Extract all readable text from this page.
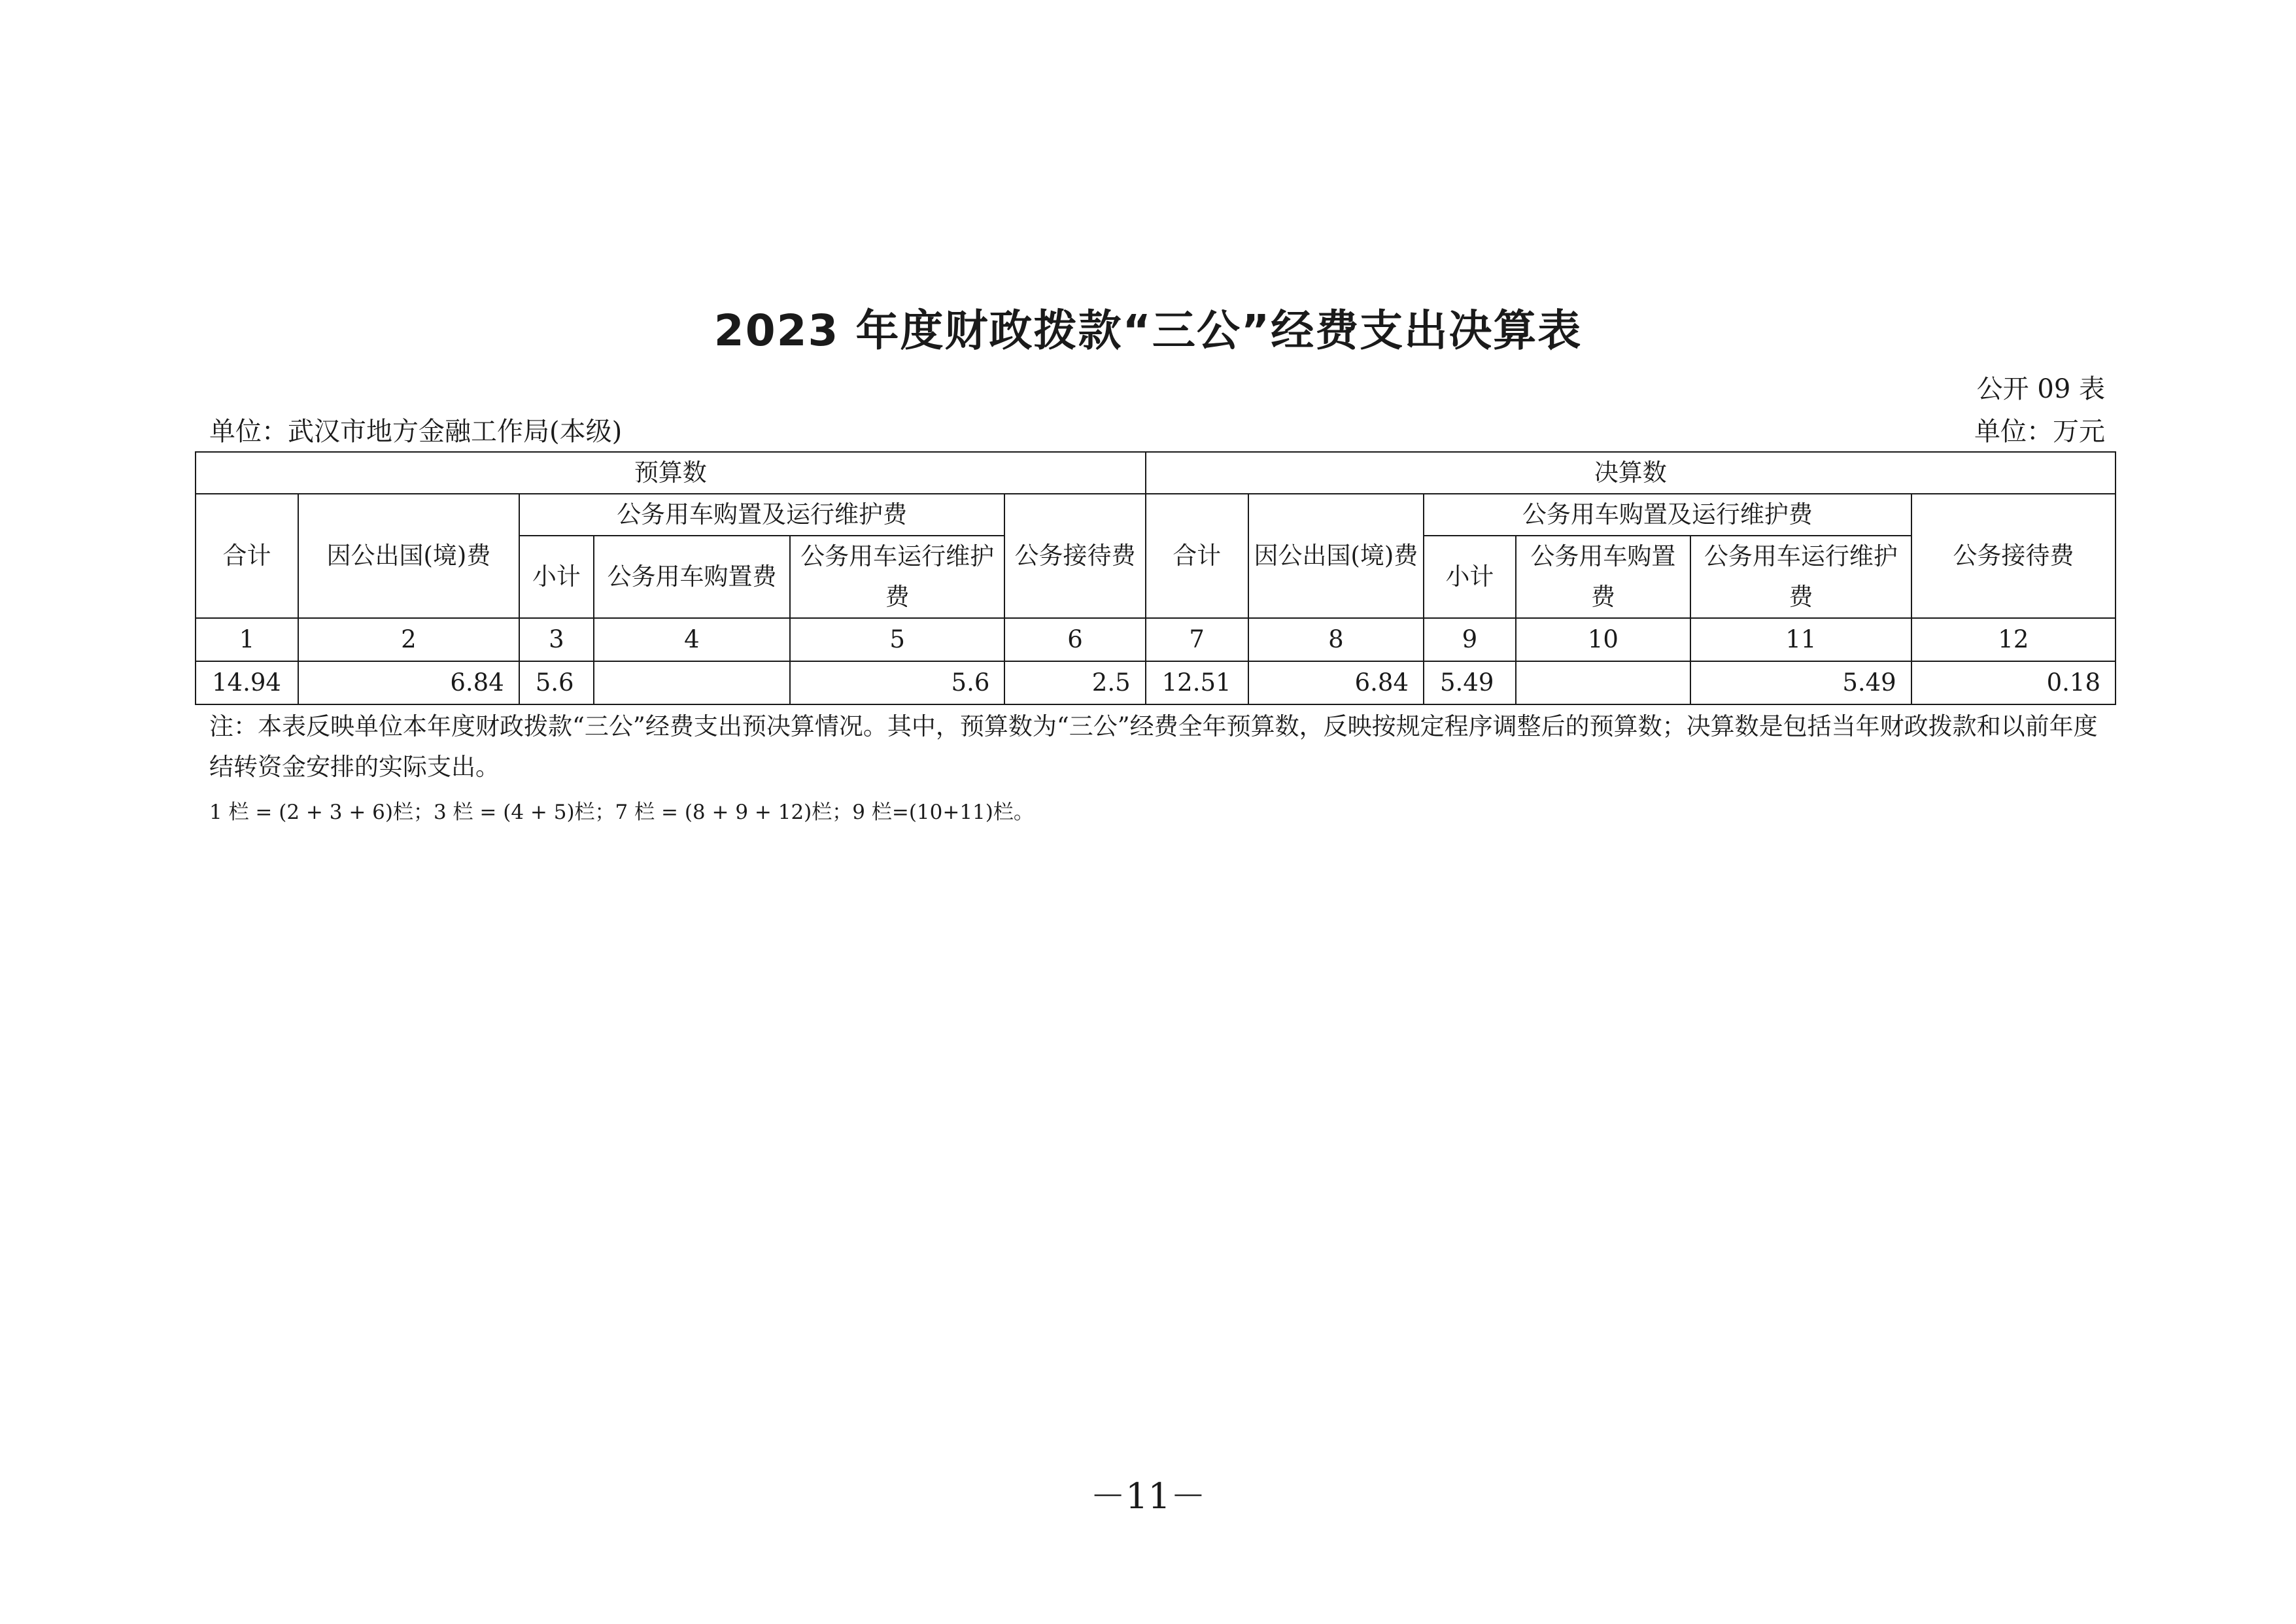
2023 年度财政拨款“三公”经费支出决算表
公开 09 表
单位：武汉市地方金融工作局(本级)	单位：万元
预算数						决算数					
合计	因公出国(境)费	公务用车购置及运行维护费			公务接待费	合计	因公出国(境)费	公务用车购置及运行维护费			公务接待费
		小计	公务用车购置费	公务用车运行维护费				小计	公务用车购置费	公务用车运行维护费	
1	2	3	4	5	6	7	8	9	10	11	12
14.94	6.84	5.6		5.6	2.5	12.51	6.84	5.49		5.49	0.18
注：本表反映单位本年度财政拨款“三公”经费支出预决算情况。其中，预算数为“三公”经费全年预算数，反映按规定程序调整后的预算数；决算数是包括当年财政拨款和以前年度结转资金安排的实际支出。
1 栏 = (2 + 3 + 6)栏；3 栏 = (4 + 5)栏；7 栏 = (8 + 9 + 12)栏；9 栏=(10+11)栏。
－11－
